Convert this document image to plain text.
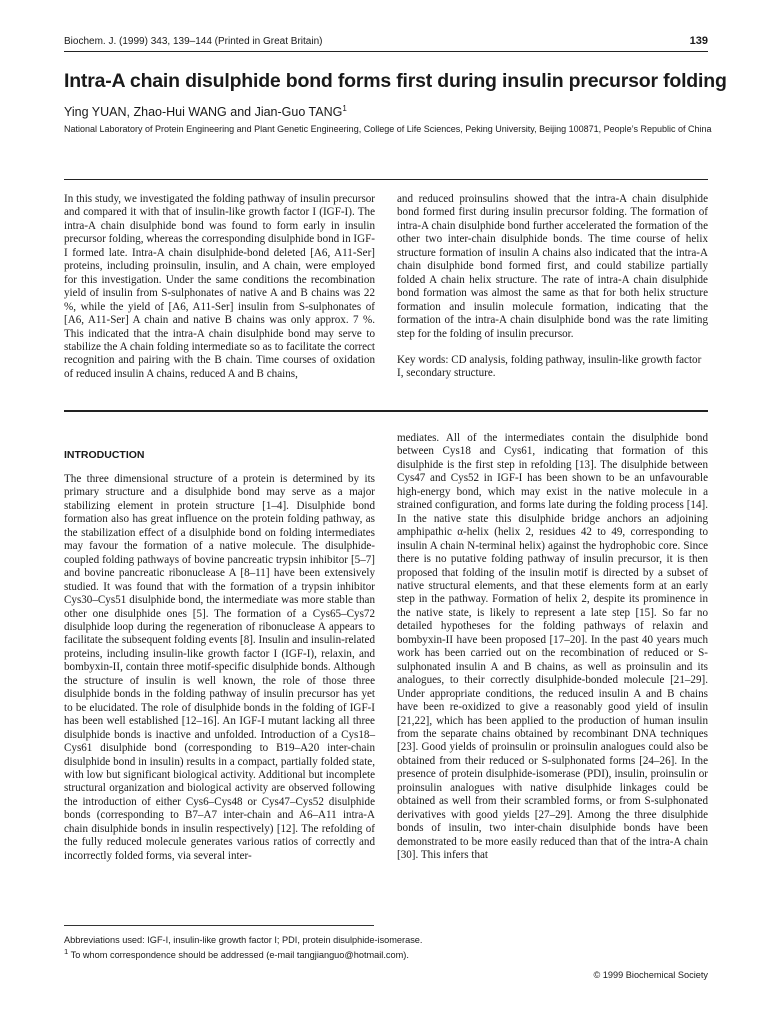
Biochem. J. (1999) 343, 139–144 (Printed in Great Britain)	139
Intra-A chain disulphide bond forms first during insulin precursor folding
Ying YUAN, Zhao-Hui WANG and Jian-Guo TANG$^1$
National Laboratory of Protein Engineering and Plant Genetic Engineering, College of Life Sciences, Peking University, Beijing 100871, People’s Republic of China

In this study, we investigated the folding pathway of insulin precursor and compared it with that of insulin-like growth factor I (IGF-I). The intra-A chain disulphide bond was found to form early in insulin precursor folding, whereas the corresponding disulphide bond in IGF-I formed late. Intra-A chain disulphide-bond deleted [A6, A11-Ser] proteins, including proinsulin, insulin, and A chain, were employed for this investigation. Under the same conditions the recombination yield of insulin from S-sulphonates of native A and B chains was 22 %, while the yield of [A6, A11-Ser] insulin from S-sulphonates of [A6, A11-Ser] A chain and native B chains was only approx. 7 %. This indicated that the intra-A chain disulphide bond may serve to stabilize the A chain folding intermediate so as to facilitate the correct recognition and pairing with the B chain. Time courses of oxidation of reduced insulin A chains, reduced A and B chains,

and reduced proinsulins showed that the intra-A chain disulphide bond formed first during insulin precursor folding. The formation of intra-A chain disulphide bond further accelerated the formation of the other two inter-chain disulphide bonds. The time course of helix structure formation of insulin A chains also indicated that the intra-A chain disulphide bond formed first, and could stabilize partially folded A chain helix structure. The rate of intra-A chain disulphide bond formation was almost the same as that for both helix structure formation and insulin molecule formation, indicating that the formation of the intra-A chain disulphide bond was the rate limiting step for the folding of insulin precursor.

Key words: CD analysis, folding pathway, insulin-like growth factor I, secondary structure.

INTRODUCTION

The three dimensional structure of a protein is determined by its primary structure and a disulphide bond may serve as a major stabilizing element in protein structure [1–4]. Disulphide bond formation also has great influence on the protein folding pathway, as the stabilization effect of a disulphide bond on folding intermediates may favour the formation of a native molecule. The disulphide-coupled folding pathways of bovine pancreatic trypsin inhibitor [5–7] and bovine pancreatic ribonuclease A [8–11] have been extensively studied. It was found that with the formation of a trypsin inhibitor Cys30–Cys51 disulphide bond, the intermediate was more stable than other one disulphide ones [5]. The formation of a Cys65–Cys72 disulphide loop during the regeneration of ribonuclease A appears to facilitate the subsequent folding events [8]. Insulin and insulin-related proteins, including insulin-like growth factor I (IGF-I), relaxin, and bombyxin-II, contain three motif-specific disulphide bonds. Although the structure of insulin is well known, the role of those three disulphide bonds in the folding pathway of insulin precursor has yet to be elucidated. The role of disulphide bonds in the folding of IGF-I has been well established [12–16]. An IGF-I mutant lacking all three disulphide bonds is inactive and unfolded. Introduction of a Cys18–Cys61 disulphide bond (corresponding to B19–A20 inter-chain disulphide bond in insulin) results in a compact, partially folded state, with low but significant biological activity. Additional but incomplete structural organization and biological activity are observed following the introduction of either Cys6–Cys48 or Cys47–Cys52 disulphide bonds (corresponding to B7–A7 inter-chain and A6–A11 intra-A chain disulphide bonds in insulin respectively) [12]. The refolding of the fully reduced molecule generates various ratios of correctly and incorrectly folded forms, via several inter-

mediates. All of the intermediates contain the disulphide bond between Cys18 and Cys61, indicating that formation of this disulphide is the first step in refolding [13]. The disulphide between Cys47 and Cys52 in IGF-I has been shown to be an unfavourable high-energy bond, which may exist in the native molecule in a strained configuration, and forms late during the folding process [14]. In the native state this disulphide bridge anchors an adjoining amphipathic α-helix (helix 2, residues 42 to 49, corresponding to insulin A chain N-terminal helix) against the hydrophobic core. Since there is no putative folding pathway of insulin precursor, it is then proposed that folding of the insulin motif is directed by a subset of native structural elements, and that these elements form at an early step in the pathway. Formation of helix 2, despite its prominence in the native state, is likely to represent a late step [15]. So far no detailed hypotheses for the folding pathways of relaxin and bombyxin-II have been proposed [17–20]. In the past 40 years much work has been carried out on the recombination of reduced or S-sulphonated insulin A and B chains, as well as proinsulin and its analogues, to their correctly disulphide-bonded molecule [21–29]. Under appropriate conditions, the reduced insulin A and B chains have been re-oxidized to give a reasonably good yield of insulin [21,22], which has been applied to the production of human insulin from the separate chains obtained by recombinant DNA techniques [23]. Good yields of proinsulin or proinsulin analogues could also be obtained from their reduced or S-sulphonated forms [24–26]. In the presence of protein disulphide-isomerase (PDI), insulin, proinsulin or proinsulin analogues with native disulphide linkages could be obtained as well from their scrambled forms, or from S-sulphonated derivatives with good yields [27–29]. Among the three disulphide bonds of insulin, two inter-chain disulphide bonds have been demonstrated to be more easily reduced than that of the intra-A chain [30]. This infers that

Abbreviations used: IGF-I, insulin-like growth factor I; PDI, protein disulphide-isomerase.
$^1$ To whom correspondence should be addressed (e-mail tangjianguo@hotmail.com).
© 1999 Biochemical Society
